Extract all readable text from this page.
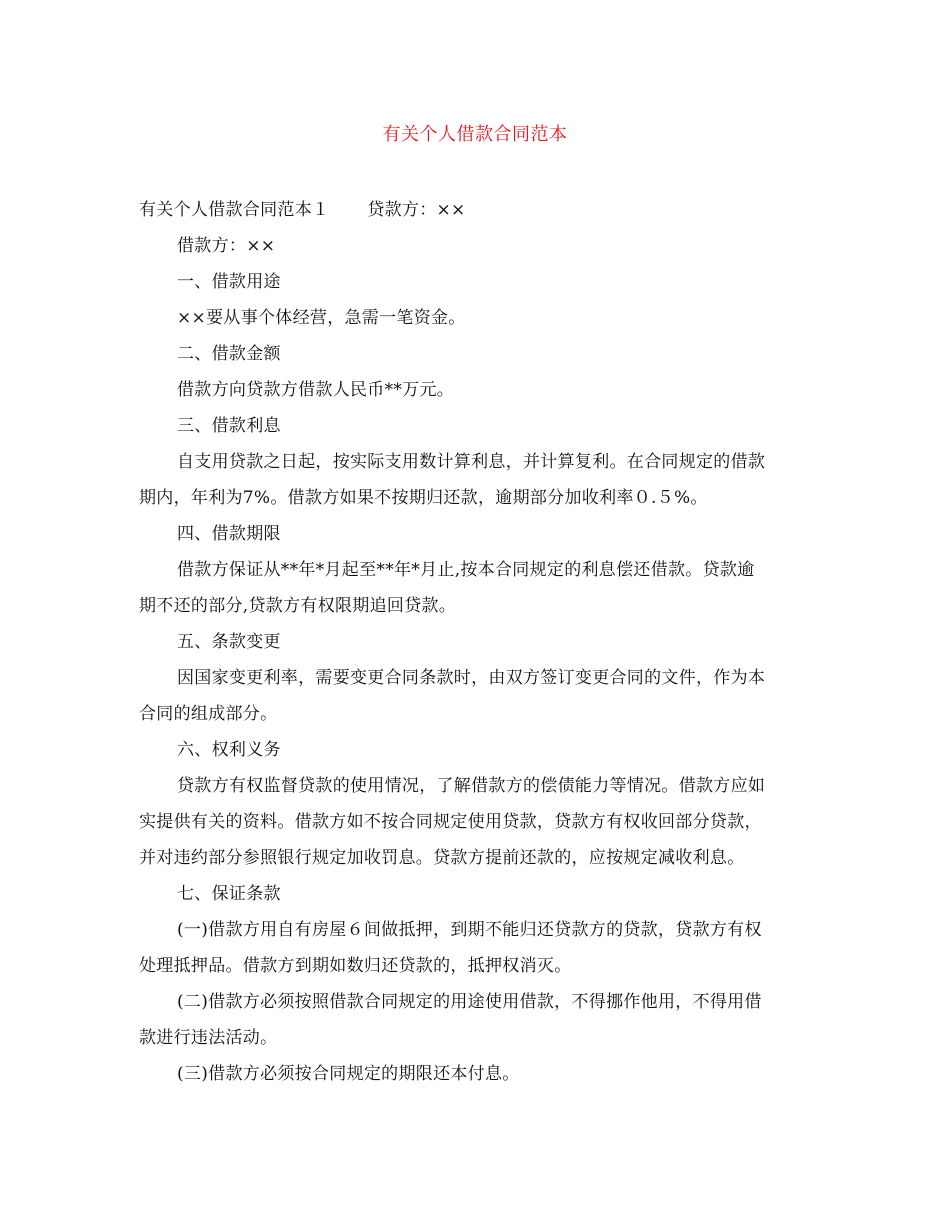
有关个人借款合同范本
有关个人借款合同范本１ 贷款方：××
借款方：××
一、借款用途
××要从事个体经营，急需一笔资金。
二、借款金额
借款方向贷款方借款人民币**万元。
三、借款利息
自支用贷款之日起，按实际支用数计算利息，并计算复利。在合同规定的借款
期内，年利为7%。借款方如果不按期归还款，逾期部分加收利率０.５%。
四、借款期限
借款方保证从**年*月起至**年*月止,按本合同规定的利息偿还借款。贷款逾
期不还的部分,贷款方有权限期追回贷款。
五、条款变更
因国家变更利率，需要变更合同条款时，由双方签订变更合同的文件，作为本
合同的组成部分。
六、权利义务
贷款方有权监督贷款的使用情况，了解借款方的偿债能力等情况。借款方应如
实提供有关的资料。借款方如不按合同规定使用贷款，贷款方有权收回部分贷款，
并对违约部分参照银行规定加收罚息。贷款方提前还款的，应按规定减收利息。
七、保证条款
(一)借款方用自有房屋６间做抵押，到期不能归还贷款方的贷款，贷款方有权
处理抵押品。借款方到期如数归还贷款的，抵押权消灭。
(二)借款方必须按照借款合同规定的用途使用借款，不得挪作他用，不得用借
款进行违法活动。
(三)借款方必须按合同规定的期限还本付息。
